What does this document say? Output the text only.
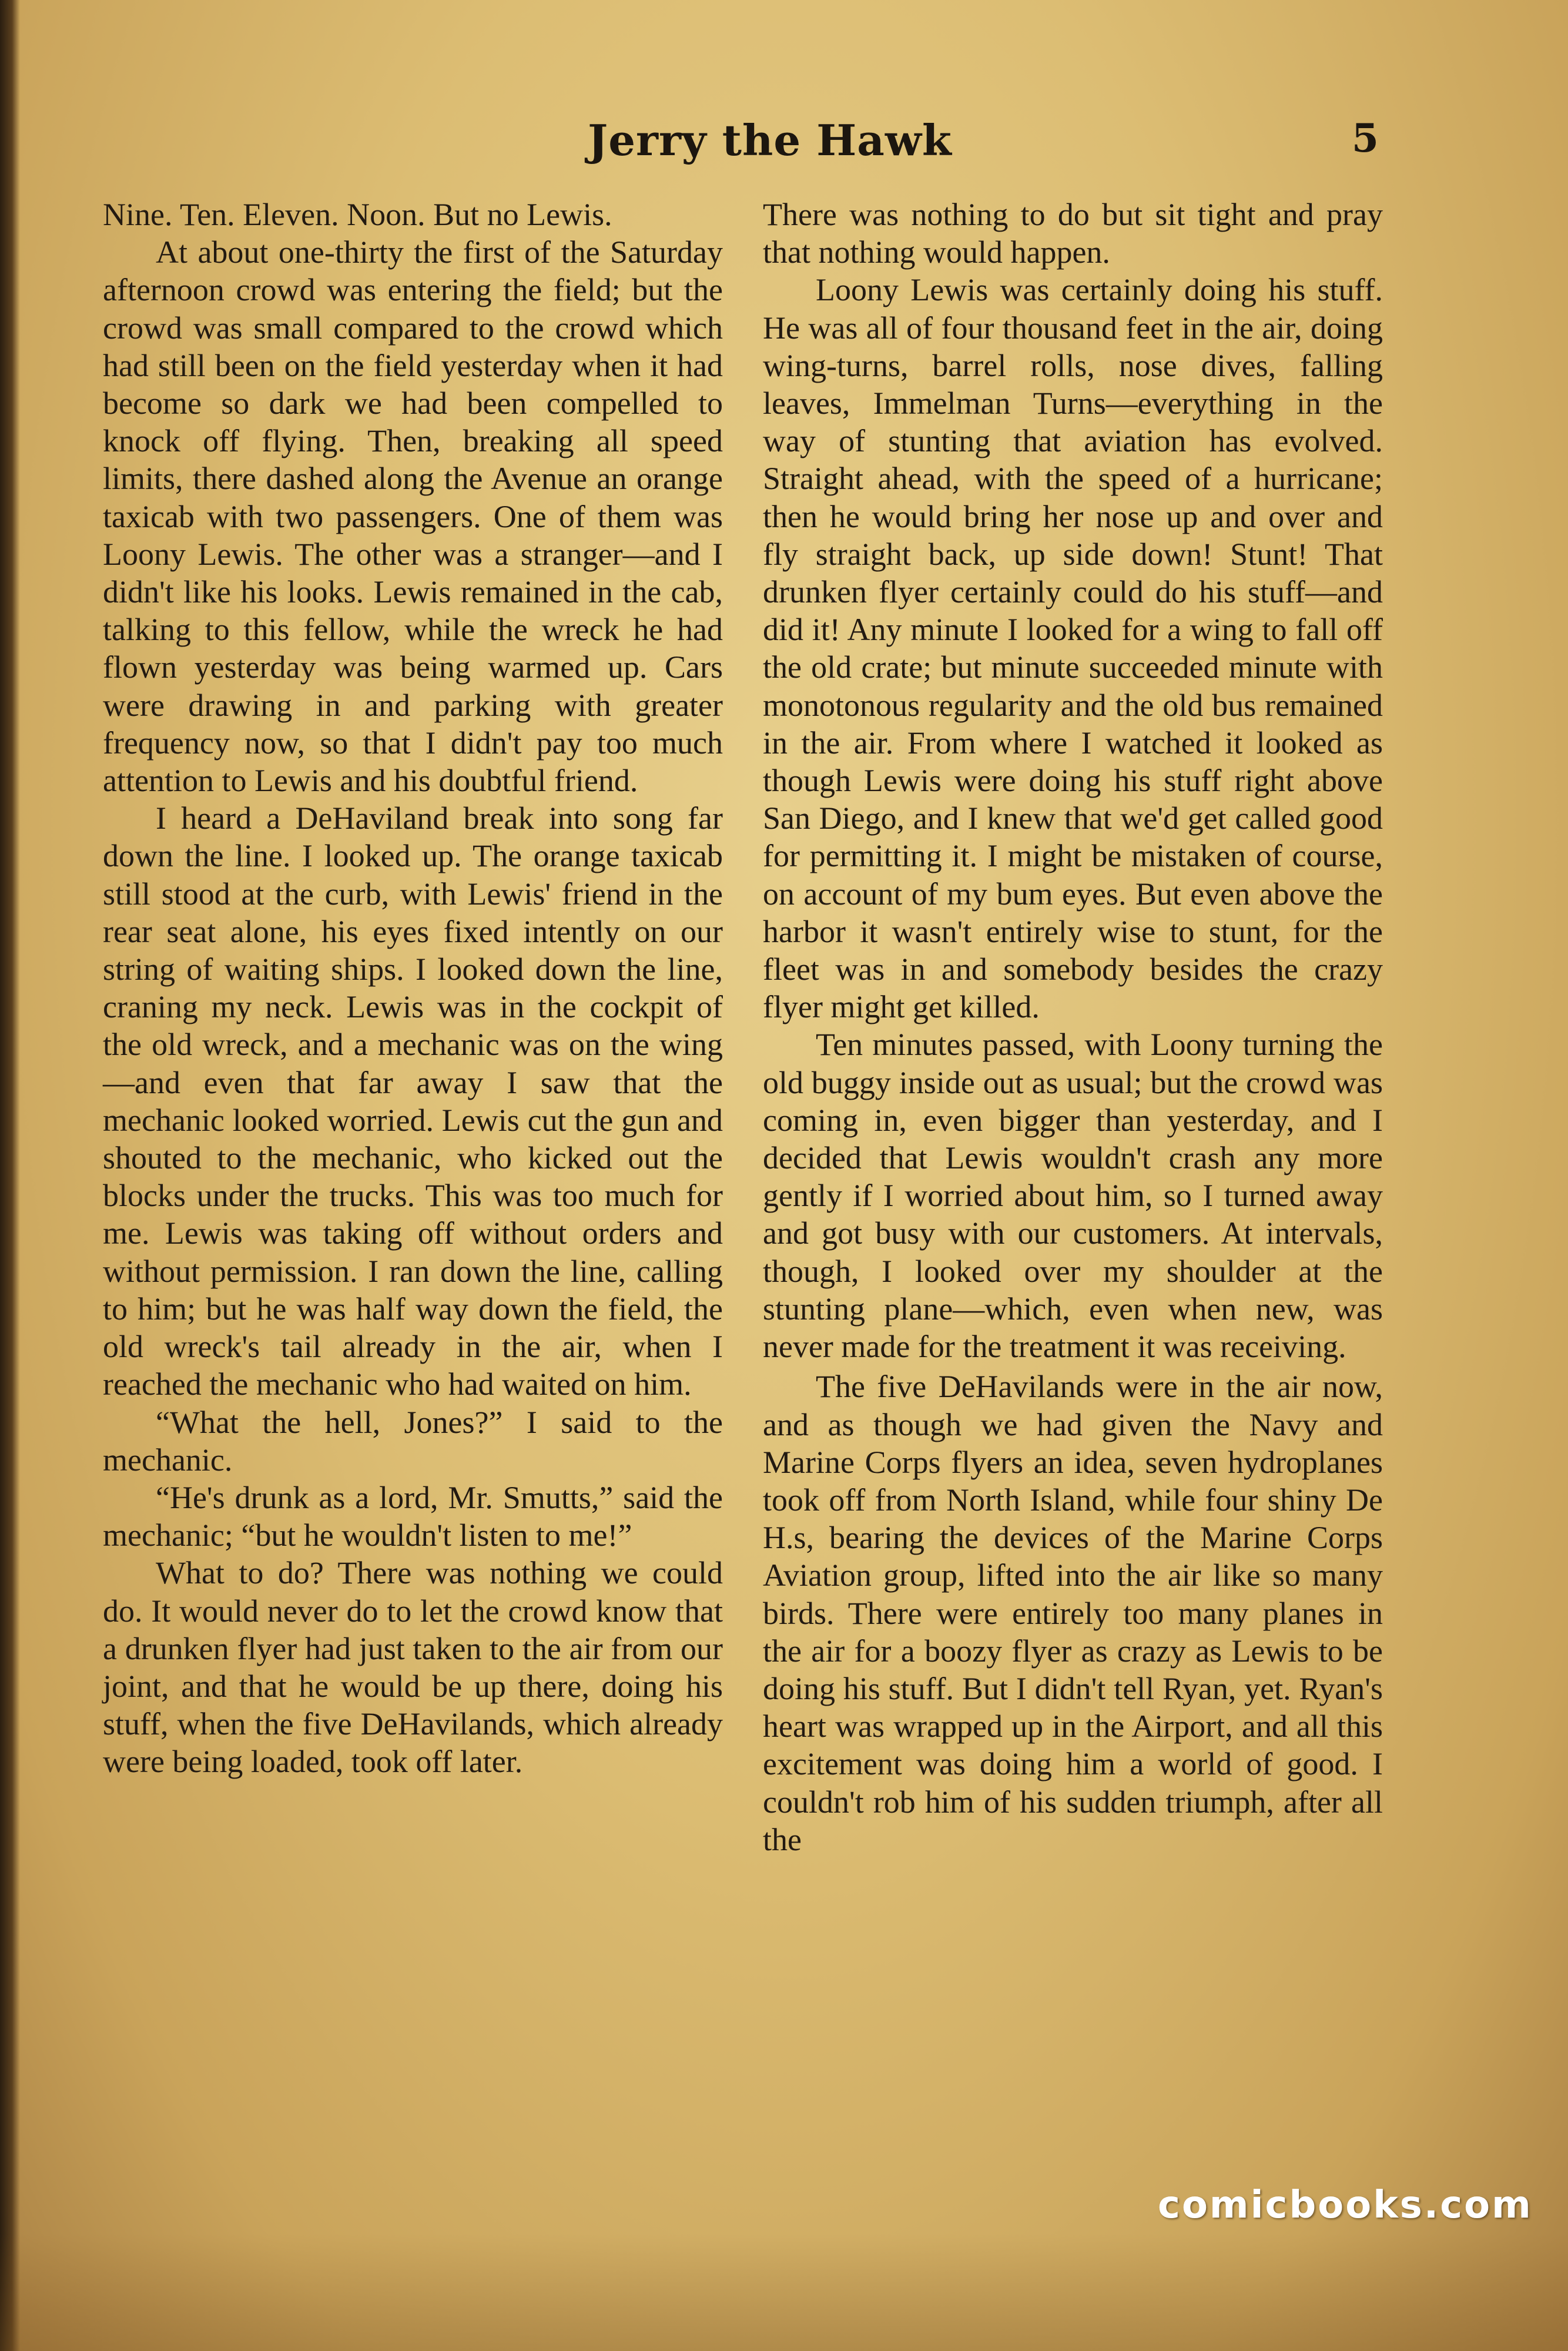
Jerry the Hawk	5

Nine. Ten. Eleven. Noon. But no Lewis.

At about one-thirty the first of the Saturday afternoon crowd was entering the field; but the crowd was small compared to the crowd which had still been on the field yesterday when it had become so dark we had been compelled to knock off flying. Then, breaking all speed limits, there dashed along the Avenue an orange taxicab with two passengers. One of them was Loony Lewis. The other was a stranger—and I didn't like his looks. Lewis remained in the cab, talking to this fellow, while the wreck he had flown yesterday was being warmed up. Cars were drawing in and parking with greater frequency now, so that I didn't pay too much attention to Lewis and his doubtful friend.

I heard a DeHaviland break into song far down the line. I looked up. The orange taxicab still stood at the curb, with Lewis' friend in the rear seat alone, his eyes fixed intently on our string of waiting ships. I looked down the line, craning my neck. Lewis was in the cockpit of the old wreck, and a mechanic was on the wing—and even that far away I saw that the mechanic looked worried. Lewis cut the gun and shouted to the mechanic, who kicked out the blocks under the trucks. This was too much for me. Lewis was taking off without orders and without permission. I ran down the line, calling to him; but he was half way down the field, the old wreck's tail already in the air, when I reached the mechanic who had waited on him.

“What the hell, Jones?” I said to the mechanic.

“He's drunk as a lord, Mr. Smutts,” said the mechanic; “but he wouldn't listen to me!”

What to do? There was nothing we could do. It would never do to let the crowd know that a drunken flyer had just taken to the air from our joint, and that he would be up there, doing his stuff, when the five DeHavilands, which already were being loaded, took off later.

There was nothing to do but sit tight and pray that nothing would happen.

Loony Lewis was certainly doing his stuff. He was all of four thousand feet in the air, doing wing-turns, barrel rolls, nose dives, falling leaves, Immelman Turns—everything in the way of stunting that aviation has evolved. Straight ahead, with the speed of a hurricane; then he would bring her nose up and over and fly straight back, up side down! Stunt! That drunken flyer certainly could do his stuff—and did it! Any minute I looked for a wing to fall off the old crate; but minute succeeded minute with monotonous regularity and the old bus remained in the air. From where I watched it looked as though Lewis were doing his stuff right above San Diego, and I knew that we'd get called good for permitting it. I might be mistaken of course, on account of my bum eyes. But even above the harbor it wasn't entirely wise to stunt, for the fleet was in and somebody besides the crazy flyer might get killed.

Ten minutes passed, with Loony turning the old buggy inside out as usual; but the crowd was coming in, even bigger than yesterday, and I decided that Lewis wouldn't crash any more gently if I worried about him, so I turned away and got busy with our customers. At intervals, though, I looked over my shoulder at the stunting plane—which, even when new, was never made for the treatment it was receiving.

The five DeHavilands were in the air now, and as though we had given the Navy and Marine Corps flyers an idea, seven hydroplanes took off from North Island, while four shiny De H.s, bearing the devices of the Marine Corps Aviation group, lifted into the air like so many birds. There were entirely too many planes in the air for a boozy flyer as crazy as Lewis to be doing his stuff. But I didn't tell Ryan, yet. Ryan's heart was wrapped up in the Airport, and all this excitement was doing him a world of good. I couldn't rob him of his sudden triumph, after all the

comicbooks.com
